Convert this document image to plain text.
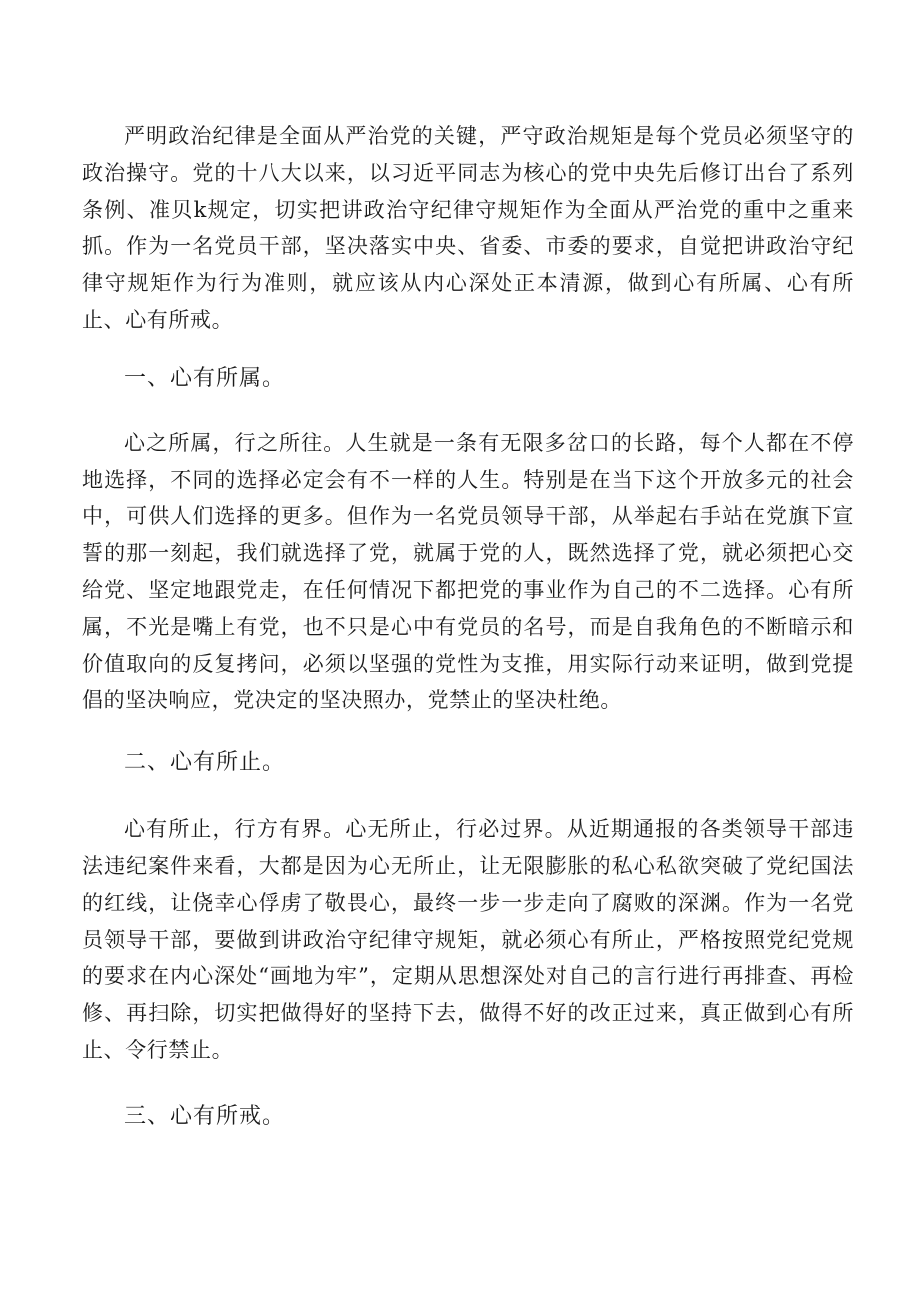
严明政治纪律是全面从严治党的关键，严守政治规矩是每个党员必须坚守的政治操守。党的十八大以来，以习近平同志为核心的党中央先后修订出台了系列条例、准贝k规定，切实把讲政治守纪律守规矩作为全面从严治党的重中之重来抓。作为一名党员干部，坚决落实中央、省委、市委的要求，自觉把讲政治守纪律守规矩作为行为准则，就应该从内心深处正本清源，做到心有所属、心有所止、心有所戒。

一、心有所属。

心之所属，行之所往。人生就是一条有无限多岔口的长路，每个人都在不停地选择，不同的选择必定会有不一样的人生。特别是在当下这个开放多元的社会中，可供人们选择的更多。但作为一名党员领导干部，从举起右手站在党旗下宣誓的那一刻起，我们就选择了党，就属于党的人，既然选择了党，就必须把心交给党、坚定地跟党走，在任何情况下都把党的事业作为自己的不二选择。心有所属，不光是嘴上有党，也不只是心中有党员的名号，而是自我角色的不断暗示和价值取向的反复拷问，必须以坚强的党性为支推，用实际行动来证明，做到党提倡的坚决响应，党决定的坚决照办，党禁止的坚决杜绝。

二、心有所止。

心有所止，行方有界。心无所止，行必过界。从近期通报的各类领导干部违法违纪案件来看，大都是因为心无所止，让无限膨胀的私心私欲突破了党纪国法的红线，让侥幸心俘虏了敬畏心，最终一步一步走向了腐败的深渊。作为一名党员领导干部，要做到讲政治守纪律守规矩，就必须心有所止，严格按照党纪党规的要求在内心深处“画地为牢”，定期从思想深处对自己的言行进行再排查、再检修、再扫除，切实把做得好的坚持下去，做得不好的改正过来，真正做到心有所止、令行禁止。

三、心有所戒。
